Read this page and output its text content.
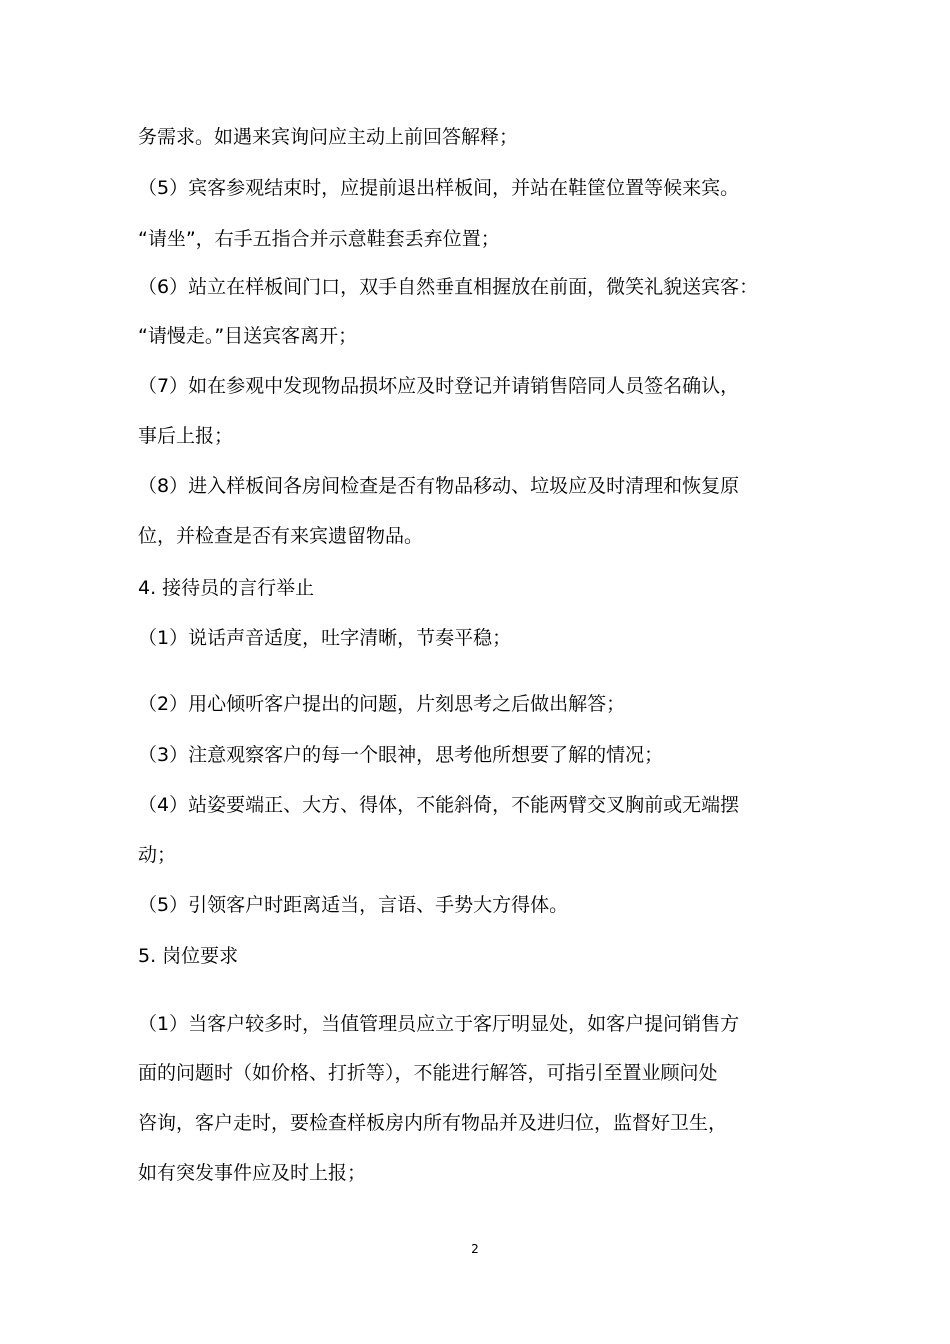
务需求。如遇来宾询问应主动上前回答解释；
（5）宾客参观结束时，应提前退出样板间，并站在鞋筐位置等候来宾。
“请坐”，右手五指合并示意鞋套丢弃位置；
（6）站立在样板间门口，双手自然垂直相握放在前面，微笑礼貌送宾客：
“请慢走。”目送宾客离开；
（7）如在参观中发现物品损坏应及时登记并请销售陪同人员签名确认，
事后上报；
（8）进入样板间各房间检查是否有物品移动、垃圾应及时清理和恢复原
位，并检查是否有来宾遗留物品。
4. 接待员的言行举止
（1）说话声音适度，吐字清晰，节奏平稳；
（2）用心倾听客户提出的问题，片刻思考之后做出解答；
（3）注意观察客户的每一个眼神，思考他所想要了解的情况；
（4）站姿要端正、大方、得体，不能斜倚，不能两臂交叉胸前或无端摆
动；
（5）引领客户时距离适当，言语、手势大方得体。
5. 岗位要求
（1）当客户较多时，当值管理员应立于客厅明显处，如客户提问销售方
面的问题时（如价格、打折等），不能进行解答，可指引至置业顾问处
咨询，客户走时，要检查样板房内所有物品并及进归位，监督好卫生，
如有突发事件应及时上报；
2
